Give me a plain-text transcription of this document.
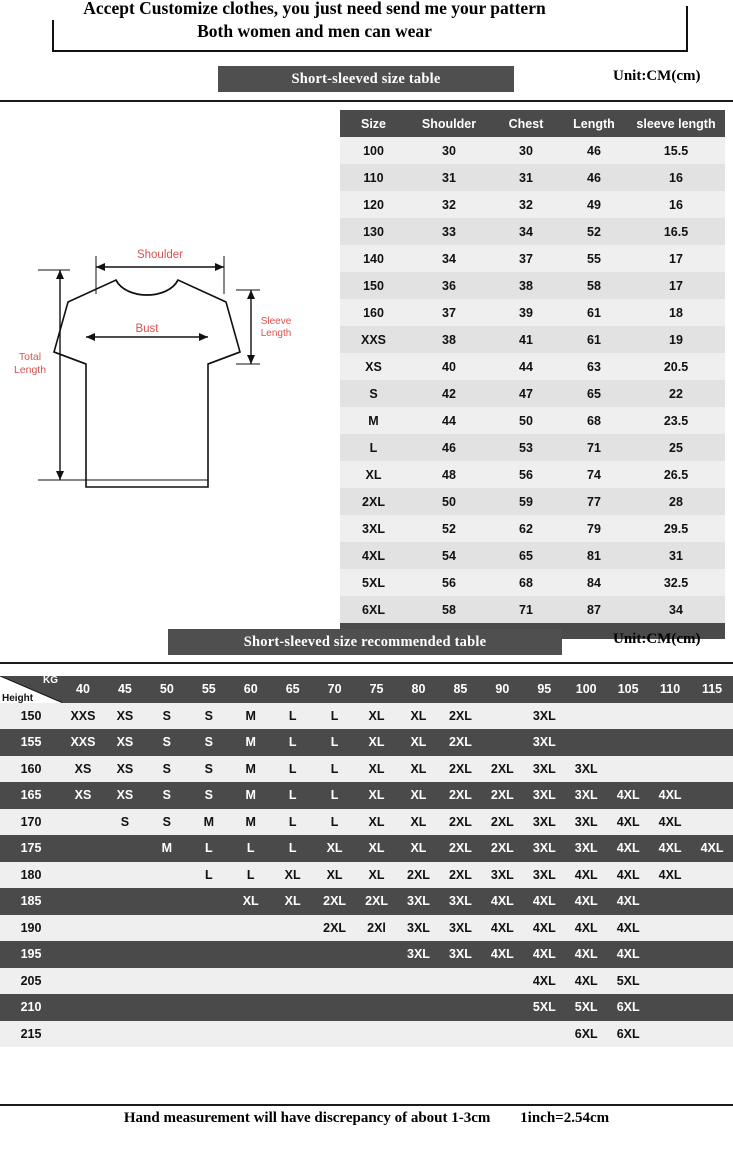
Accept Customize clothes, you just need send me your pattern
Both women and men can wear
Short-sleeved size table	Unit:CM(cm)
Shoulder
Bust
Sleeve
Length
Total
Length
Size	Shoulder	Chest	Length	sleeve length
100	30	30	46	15.5
110	31	31	46	16
120	32	32	49	16
130	33	34	52	16.5
140	34	37	55	17
150	36	38	58	17
160	37	39	61	18
XXS	38	41	61	19
XS	40	44	63	20.5
S	42	47	65	22
M	44	50	68	23.5
L	46	53	71	25
XL	48	56	74	26.5
2XL	50	59	77	28
3XL	52	62	79	29.5
4XL	54	65	81	31
5XL	56	68	84	32.5
6XL	58	71	87	34

Short-sleeved size recommended table	Unit:CM(cm)
KG
Height	40	45	50	55	60	65	70	75	80	85	90	95	100	105	110	115
150	XXS	XS	S	S	M	L	L	XL	XL	2XL		3XL				
155	XXS	XS	S	S	M	L	L	XL	XL	2XL		3XL				
160	XS	XS	S	S	M	L	L	XL	XL	2XL	2XL	3XL	3XL			
165	XS	XS	S	S	M	L	L	XL	XL	2XL	2XL	3XL	3XL	4XL	4XL	
170		S	S	M	M	L	L	XL	XL	2XL	2XL	3XL	3XL	4XL	4XL	
175			M	L	L	L	XL	XL	XL	2XL	2XL	3XL	3XL	4XL	4XL	4XL
180				L	L	XL	XL	XL	2XL	2XL	3XL	3XL	4XL	4XL	4XL	
185					XL	XL	2XL	2XL	3XL	3XL	4XL	4XL	4XL	4XL		
190							2XL	2Xl	3XL	3XL	4XL	4XL	4XL	4XL		
195									3XL	3XL	4XL	4XL	4XL	4XL		
205												4XL	4XL	5XL		
210												5XL	5XL	6XL		
215													6XL	6XL		
Hand measurement will have discrepancy of about 1-3cm 1inch=2.54cm
